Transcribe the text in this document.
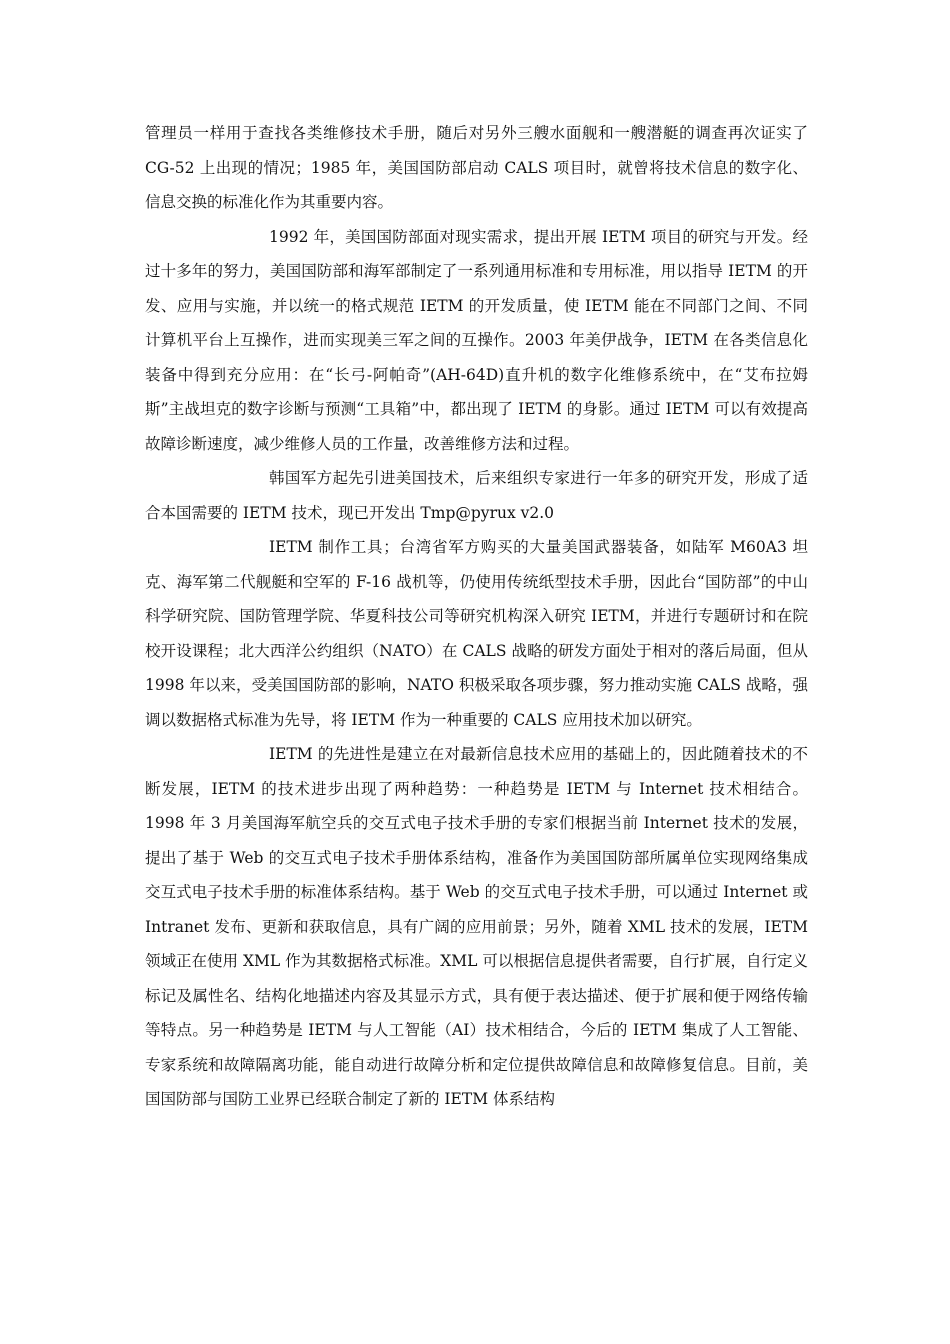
管理员一样用于查找各类维修技术手册，随后对另外三艘水面舰和一艘潜艇的调查再次证实了 CG-52 上出现的情况；1985 年，美国国防部启动 CALS 项目时，就曾将技术信息的数字化、信息交换的标准化作为其重要内容。

1992 年，美国国防部面对现实需求，提出开展 IETM 项目的研究与开发。经过十多年的努力，美国国防部和海军部制定了一系列通用标准和专用标准，用以指导 IETM 的开发、应用与实施，并以统一的格式规范 IETM 的开发质量，使 IETM 能在不同部门之间、不同计算机平台上互操作，进而实现美三军之间的互操作。2003 年美伊战争，IETM 在各类信息化装备中得到充分应用：在“长弓-阿帕奇”(AH-64D)直升机的数字化维修系统中，在“艾布拉姆斯”主战坦克的数字诊断与预测“工具箱”中，都出现了 IETM 的身影。通过 IETM 可以有效提高故障诊断速度，减少维修人员的工作量，改善维修方法和过程。

韩国军方起先引进美国技术，后来组织专家进行一年多的研究开发，形成了适合本国需要的 IETM 技术，现已开发出 Tmp@pyrux v2.0

IETM 制作工具；台湾省军方购买的大量美国武器装备，如陆军 M60A3 坦克、海军第二代舰艇和空军的 F-16 战机等，仍使用传统纸型技术手册，因此台“国防部”的中山科学研究院、国防管理学院、华夏科技公司等研究机构深入研究 IETM，并进行专题研讨和在院校开设课程；北大西洋公约组织（NATO）在 CALS 战略的研发方面处于相对的落后局面，但从 1998 年以来，受美国国防部的影响，NATO 积极采取各项步骤，努力推动实施 CALS 战略，强调以数据格式标准为先导，将 IETM 作为一种重要的 CALS 应用技术加以研究。

IETM 的先进性是建立在对最新信息技术应用的基础上的，因此随着技术的不断发展，IETM 的技术进步出现了两种趋势：一种趋势是 IETM 与 Internet 技术相结合。1998 年 3 月美国海军航空兵的交互式电子技术手册的专家们根据当前 Internet 技术的发展，提出了基于 Web 的交互式电子技术手册体系结构，准备作为美国国防部所属单位实现网络集成交互式电子技术手册的标准体系结构。基于 Web 的交互式电子技术手册，可以通过 Internet 或 Intranet 发布、更新和获取信息，具有广阔的应用前景；另外，随着 XML 技术的发展，IETM 领域正在使用 XML 作为其数据格式标准。XML 可以根据信息提供者需要，自行扩展，自行定义标记及属性名、结构化地描述内容及其显示方式，具有便于表达描述、便于扩展和便于网络传输等特点。另一种趋势是 IETM 与人工智能（AI）技术相结合，今后的 IETM 集成了人工智能、专家系统和故障隔离功能，能自动进行故障分析和定位提供故障信息和故障修复信息。目前，美国国防部与国防工业界已经联合制定了新的 IETM 体系结构
